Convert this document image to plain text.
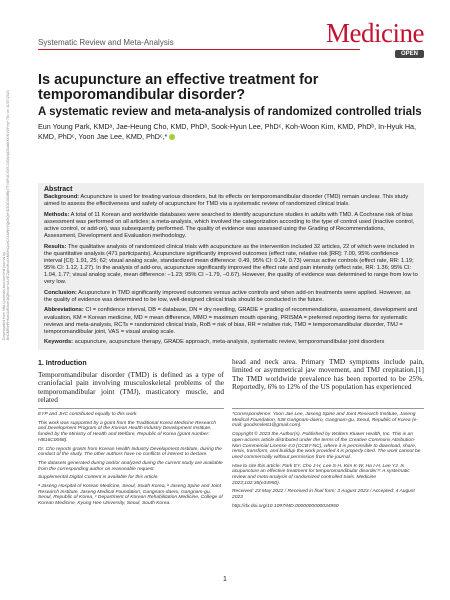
Downloaded from http://journals.lww.com/md-journal by BhDMf5ePHKav1zEoum1tQfN4a+kJLhEZgbsIHo4XMi0hCywCX1AWnYQp/IlQrHD3i3D0OdRyi7TvSFl4Cf3VC4/OAVpDDa8KKGKV0Ymy+78= on 11/07/2023
Systematic Review and Meta-Analysis	Medicine
OPEN
Is acupuncture an effective treatment for temporomandibular disorder?
A systematic review and meta-analysis of randomized controlled trials
Eun Young Park, KMDᵃ, Jae-Heung Cho, KMD, PhDᵇ, Sook-Hyun Lee, PhDᶜ, Koh-Woon Kim, KMD, PhDᵇ, In-Hyuk Ha, KMD, PhDᶜ, Yoon Jae Lee, KMD, PhDᶜ,*
Abstract

Background: Acupuncture is used for treating various disorders, but its effects on temporomandibular disorder (TMD) remain unclear. This study aimed to assess the effectiveness and safety of acupuncture for TMD via a systematic review of randomized clinical trials.

Methods: A total of 11 Korean and worldwide databases were searched to identify acupuncture studies in adults with TMD. A Cochrane risk of bias assessment was performed on all articles; a meta-analysis, which involved the categorization according to the type of control used (inactive control, active control, or add-on), was subsequently performed. The quality of evidence was assessed using the Grading of Recommendations, Assessment, Development and Evaluation methodology.

Results: The qualitative analysis of randomized clinical trials with acupuncture as the intervention included 32 articles, 22 of which were included in the quantitative analysis (471 participants). Acupuncture significantly improved outcomes (effect rate, relative risk [RR]: 7.00, 95% confidence interval [CI]: 1.91, 25; 62; visual analog scale, standardized mean difference: 0.49, 95% CI: 0.24, 0.73) versus active controls (effect rate, RR: 1.19; 95% CI: 1.12, 1.27). In the analysis of add-ons, acupuncture significantly improved the effect rate and pain intensity (effect rate, RR: 1.36; 95% CI: 1.04, 1.77; visual analog scale, mean difference: −1.23; 95% CI −1.79, −0.67). However, the quality of evidence was determined to range from low to very low.

Conclusion: Acupuncture in TMD significantly improved outcomes versus active controls and when add-on treatments were applied. However, as the quality of evidence was determined to be low, well-designed clinical trials should be conducted in the future.

Abbreviations: CI = confidence interval, DB = database, DN = dry needling, GRADE = grading of recommendations, assessment, development and evaluation, KM = Korean medicine, MD = mean difference, MMO = maximum mouth opening, PRISMA = preferred reporting items for systematic reviews and meta-analysis, RCTs = randomized clinical trials, RoB = risk of bias, RR = relative risk, TMD = temporomandibular disorder, TMJ = temporomandibular joint, VAS = visual analog scale.

Keywords: acupuncture, acupuncture therapy, GRADE approach, meta-analysis, systematic review, temporomandibular joint disorders

1. Introduction

Temporomandibular disorder (TMD) is defined as a type of craniofacial pain involving musculoskeletal problems of the temporomandibular joint (TMJ), masticatory muscle, and related

head and neck area. Primary TMD symptoms include pain, limited or asymmetrical jaw movement, and TMJ crepitation.[1] The TMD worldwide prevalence has been reported to be 25%. Reportedly, 6% to 12% of the US population has experienced

EYP and JHC contributed equally to this work.

This work was supported by a grant from the Traditional Korea Medicine Research and Development Program of the Korean Health Industry Development Institute, funded by the Ministry of Health and Welfare, Republic of Korea (grant number: HB16C0058).

Dr. Cho reports grants from Korean Health Industry Development Institute, during the conduct of the study. The other authors have no conflicts of interest to declare.

The datasets generated during and/or analyzed during the current study are available from the corresponding author on reasonable request.

Supplemental Digital Content is available for this article.

ᵃ Jaseng Hospital of Korean Medicine, Seoul, South Korea, ᵇ Jaseng Spine and Joint Research Institute, Jaseng Medical Foundation, Gangnam-daero, Gangnam-gu, Seoul, Republic of Korea, ᶜ Department of Korean Rehabilitation Medicine, College of Korean Medicine, Kyung Hee University, Seoul, South Korea.

*Correspondence: Yoon Jae Lee, Jaseng Spine and Joint Research Institute, Jaseng Medical Foundation, 538 Gangnam-daero, Gangnam-gu, Seoul, Republic of Korea (e-mail: goodsmile81@gmail.com).

Copyright © 2023 the Author(s). Published by Wolters Kluwer Health, Inc. This is an open-access article distributed under the terms of the Creative Commons Attribution-Non Commercial License 4.0 (CCBY-NC), where it is permissible to download, share, remix, transform, and buildup the work provided it is properly cited. The work cannot be used commercially without permission from the journal.

How to cite this article: Park EY, Cho J-H, Lee S-H, Kim K-W, Ha I-H, Lee YJ. Is acupuncture an effective treatment for temporomandibular disorder?: A systematic review and meta-analysis of randomized controlled trials. Medicine 2023;102:38(e34950).

Received: 23 May 2022 / Received in final form: 3 August 2023 / Accepted: 4 August 2023

http://dx.doi.org/10.1097/MD.0000000000034950

1
